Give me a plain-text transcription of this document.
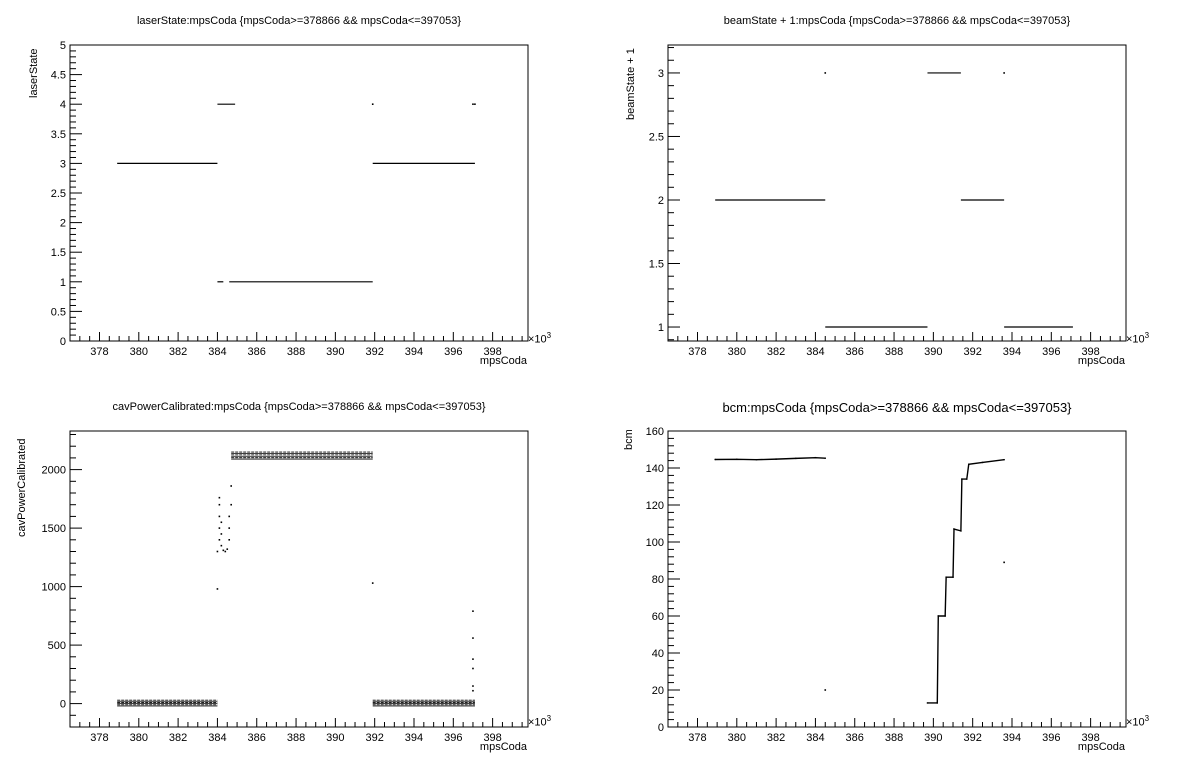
laserState:mpsCoda {mpsCoda>=378866 && mpsCoda<=397053}
378 380 382 384 386 388 390 392 394 396 398
0
0.5
1
1.5
2
2.5
3
3.5
4
4.5
5
laserState
mpsCoda
$\times 10^3$
beamState + 1:mpsCoda {mpsCoda>=378866 && mpsCoda<=397053}
378 380 382 384 386 388 390 392 394 396 398
1
1.5
2
2.5
3
beamState + 1
mpsCoda
$\times 10^3$
cavPowerCalibrated:mpsCoda {mpsCoda>=378866 && mpsCoda<=397053}
378 380 382 384 386 388 390 392 394 396 398
0
500
1000
1500
2000
cavPowerCalibrated
mpsCoda
$\times 10^3$
bcm:mpsCoda {mpsCoda>=378866 && mpsCoda<=397053}
378 380 382 384 386 388 390 392 394 396 398
0
20
40
60
80
100
120
140
160
bcm
mpsCoda
$\times 10^3$
